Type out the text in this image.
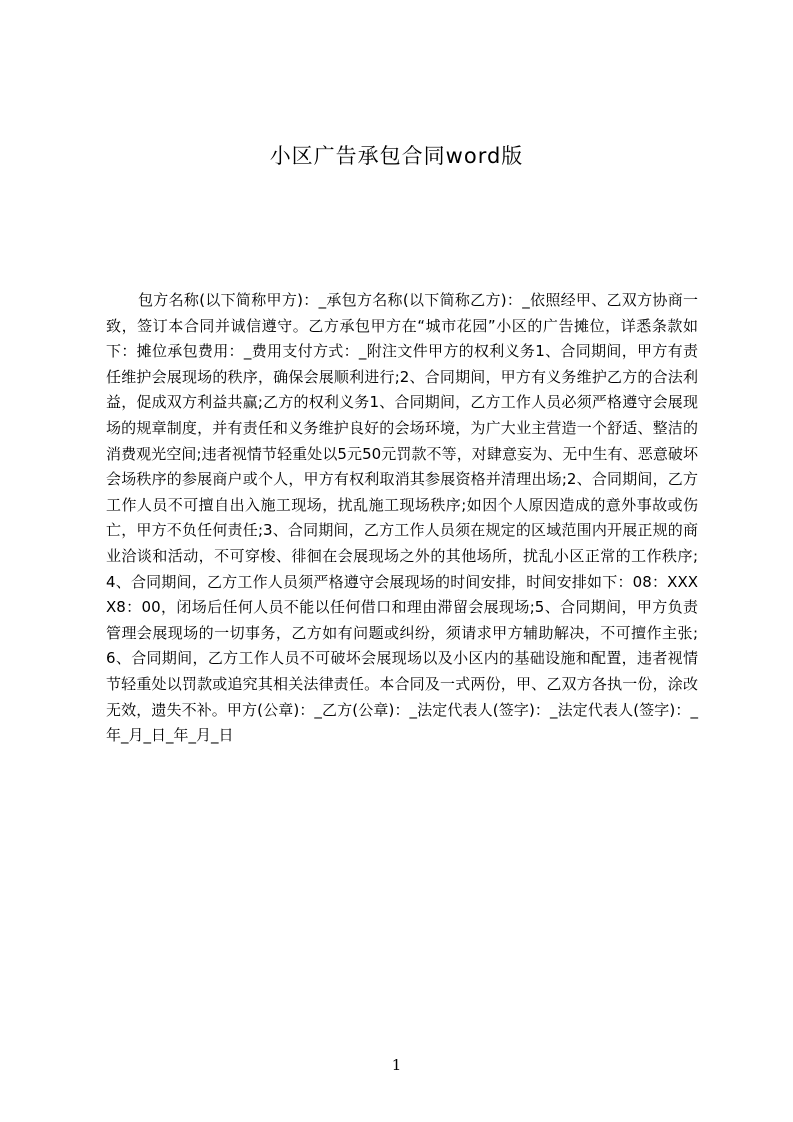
小区广告承包合同word版

包方名称(以下简称甲方)：_承包方名称(以下简称乙方)：_依照经甲、乙双方协商一致，签订本合同并诚信遵守。乙方承包甲方在“城市花园”小区的广告摊位，详悉条款如下：摊位承包费用：_费用支付方式：_附注文件甲方的权利义务1、合同期间，甲方有责任维护会展现场的秩序，确保会展顺利进行;2、合同期间，甲方有义务维护乙方的合法利益，促成双方利益共赢;乙方的权利义务1、合同期间，乙方工作人员必须严格遵守会展现场的规章制度，并有责任和义务维护良好的会场环境，为广大业主营造一个舒适、整洁的消费观光空间;违者视情节轻重处以5元50元罚款不等，对肆意妄为、无中生有、恶意破坏会场秩序的参展商户或个人，甲方有权利取消其参展资格并清理出场;2、合同期间，乙方工作人员不可擅自出入施工现场，扰乱施工现场秩序;如因个人原因造成的意外事故或伤亡，甲方不负任何责任;3、合同期间，乙方工作人员须在规定的区域范围内开展正规的商业洽谈和活动，不可穿梭、徘徊在会展现场之外的其他场所，扰乱小区正常的工作秩序;4、合同期间，乙方工作人员须严格遵守会展现场的时间安排，时间安排如下：08：XXXX8：00，闭场后任何人员不能以任何借口和理由滞留会展现场;5、合同期间，甲方负责管理会展现场的一切事务，乙方如有问题或纠纷，须请求甲方辅助解决，不可擅作主张;6、合同期间，乙方工作人员不可破坏会展现场以及小区内的基础设施和配置，违者视情节轻重处以罚款或追究其相关法律责任。本合同及一式两份，甲、乙双方各执一份，涂改无效，遗失不补。甲方(公章)：_乙方(公章)：_法定代表人(签字)：_法定代表人(签字)：_年_月_日_年_月_日

1
